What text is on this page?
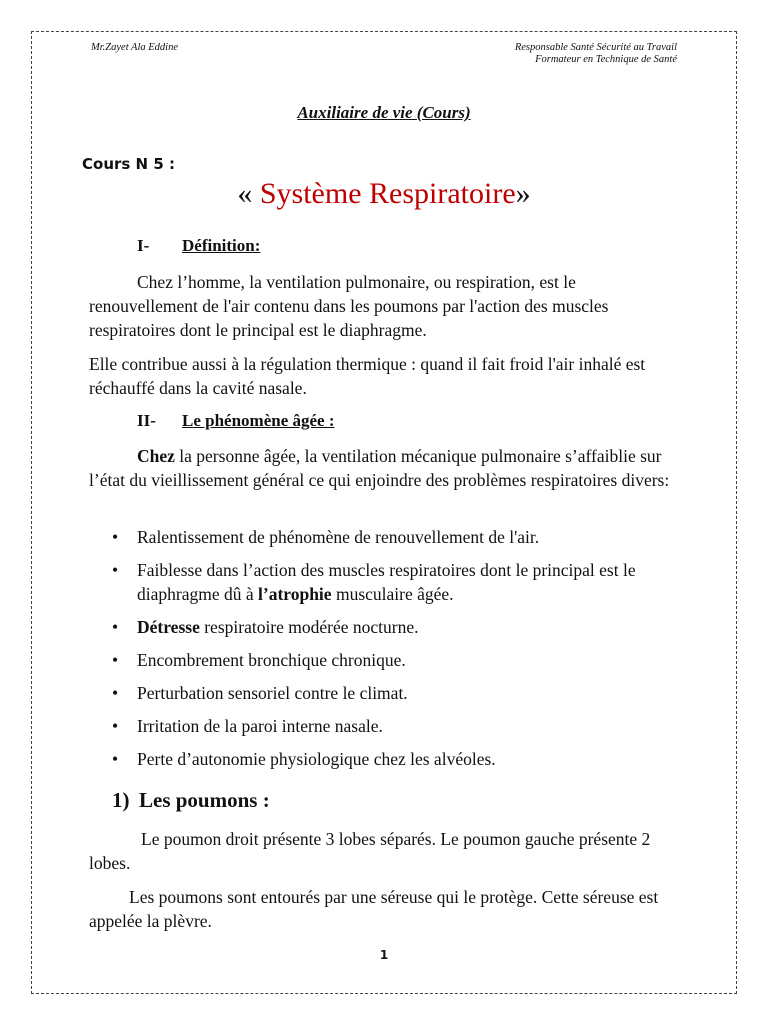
Mr.Zayet Ala Eddine	Responsable Santé Sécurité au Travail
Formateur en Technique de Santé
Auxiliaire de vie (Cours)
Cours N 5 :
« Système Respiratoire»
I- Définition:
Chez l’homme, la ventilation pulmonaire, ou respiration, est le renouvellement de l'air contenu dans les poumons par l'action des muscles respiratoires dont le principal est le diaphragme.
Elle contribue aussi à la régulation thermique : quand il fait froid l'air inhalé est réchauffé dans la cavité nasale.
II- Le phénomène âgée :
Chez la personne âgée, la ventilation mécanique pulmonaire s’affaiblie sur l’état du vieillissement général ce qui enjoindre des problèmes respiratoires divers:
• Ralentissement de phénomène de renouvellement de l'air.
• Faiblesse dans l’action des muscles respiratoires dont le principal est le diaphragme dû à l’atrophie musculaire âgée.
• Détresse respiratoire modérée nocturne.
• Encombrement bronchique chronique.
• Perturbation sensoriel contre le climat.
• Irritation de la paroi interne nasale.
• Perte d’autonomie physiologique chez les alvéoles.
1) Les poumons :
Le poumon droit présente 3 lobes séparés. Le poumon gauche présente 2 lobes.
Les poumons sont entourés par une séreuse qui le protège. Cette séreuse est appelée la plèvre.
1
